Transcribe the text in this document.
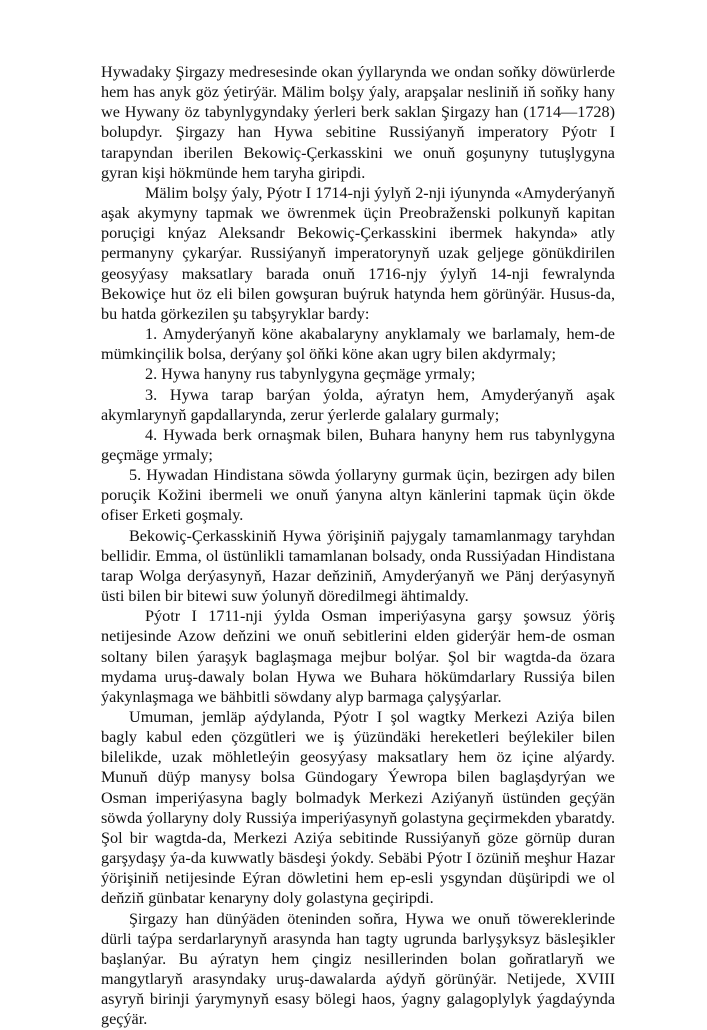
Hywadaky Şirgazy medresesinde okan ýyllarynda we ondan soňky döwürlerde hem has anyk göz ýetirýär. Mälim bolşy ýaly, arapşalar nesliniň iň soňky hany we Hywany öz tabynlygyndaky ýerleri berk saklan Şirgazy han (1714—1728) bolupdyr. Şirgazy han Hywa sebitine Russiýanyň imperatory Pýotr I tarapyndan iberilen Bekowiç-Çerkasskini we onuň goşunyny tutuşlygyna gyran kişi hökmünde hem taryha giripdi.

Mälim bolşy ýaly, Pýotr I 1714-nji ýylyň 2-nji iýunynda «Amyderýanyň aşak akymyny tapmak we öwrenmek üçin Preobraženski polkunyň kapitan poruçigi knýaz Aleksandr Bekowiç-Çerkasskini ibermek hakynda» atly permanyny çykarýar. Russiýanyň imperatorynyň uzak geljege gönükdirilen geosyýasy maksatlary barada onuň 1716-njy ýylyň 14-nji fewralynda Bekowiçe hut öz eli bilen gowşuran buýruk hatynda hem görünýär. Husus-da, bu hatda görkezilen şu tabşyryklar bardy:

1. Amyderýanyň köne akabalaryny anyklamaly we barlamaly, hem-de mümkinçilik bolsa, derýany şol öňki köne akan ugry bilen akdyrmaly;

2. Hywa hanyny rus tabynlygyna geçmäge yrmaly;

3. Hywa tarap barýan ýolda, aýratyn hem, Amyderýanyň aşak akymlarynyň gapdallarynda, zerur ýerlerde galalary gurmaly;

4. Hywada berk ornaşmak bilen, Buhara hanyny hem rus tabynlygyna geçmäge yrmaly;

5. Hywadan Hindistana söwda ýollaryny gurmak üçin, bezirgen ady bilen poruçik Kožini ibermeli we onuň ýanyna altyn känlerini tapmak üçin ökde ofiser Erketi goşmaly.

Bekowiç-Çerkasskiniň Hywa ýörişiniň pajygaly tamamlanmagy taryhdan bellidir. Emma, ol üstünlikli tamamlanan bolsady, onda Russiýadan Hindistana tarap Wolga derýasynyň, Hazar deňziniň, Amyderýanyň we Pänj derýasynyň üsti bilen bir bitewi suw ýolunyň döredilmegi ähtimaldy.

Pýotr I 1711-nji ýylda Osman imperiýasyna garşy şowsuz ýöriş netijesinde Azow deňzini we onuň sebitlerini elden giderýär hem-de osman soltany bilen ýaraşyk baglaşmaga mejbur bolýar. Şol bir wagtda-da özara mydama uruş-dawaly bolan Hywa we Buhara hökümdarlary Russiýa bilen ýakynlaşmaga we bähbitli söwdany alyp barmaga çalyşýarlar.

Umuman, jemläp aýdylanda, Pýotr I şol wagtky Merkezi Aziýa bilen bagly kabul eden çözgütleri we iş ýüzündäki hereketleri beýlekiler bilen bilelikde, uzak möhletleýin geosyýasy maksatlary hem öz içine alýardy. Munuň düýp manysy bolsa Gündogary Ýewropa bilen baglaşdyrýan we Osman imperiýasyna bagly bolmadyk Merkezi Aziýanyň üstünden geçýän söwda ýollaryny doly Russiýa imperiýasynyň golastyna geçirmekden ybaratdy. Şol bir wagtda-da, Merkezi Aziýa sebitinde Russiýanyň göze görnüp duran garşydaşy ýa-da kuwwatly bäsdeşi ýokdy. Sebäbi Pýotr I özüniň meşhur Hazar ýörişiniň netijesinde Eýran döwletini hem ep-esli ysgyndan düşüripdi we ol deňziň günbatar kenaryny doly golastyna geçiripdi.

Şirgazy han dünýäden öteninden soňra, Hywa we onuň töwereklerinde dürli taýpa serdarlarynyň arasynda han tagty ugrunda barlyşyksyz bäsleşikler başlanýar. Bu aýratyn hem çingiz nesillerinden bolan goňratlaryň we mangytlaryň arasyndaky uruş-dawalarda aýdyň görünýär. Netijede, XVIII asyryň birinji ýarymynyň esasy bölegi haos, ýagny galagoplylyk ýagdaýynda geçýär.
